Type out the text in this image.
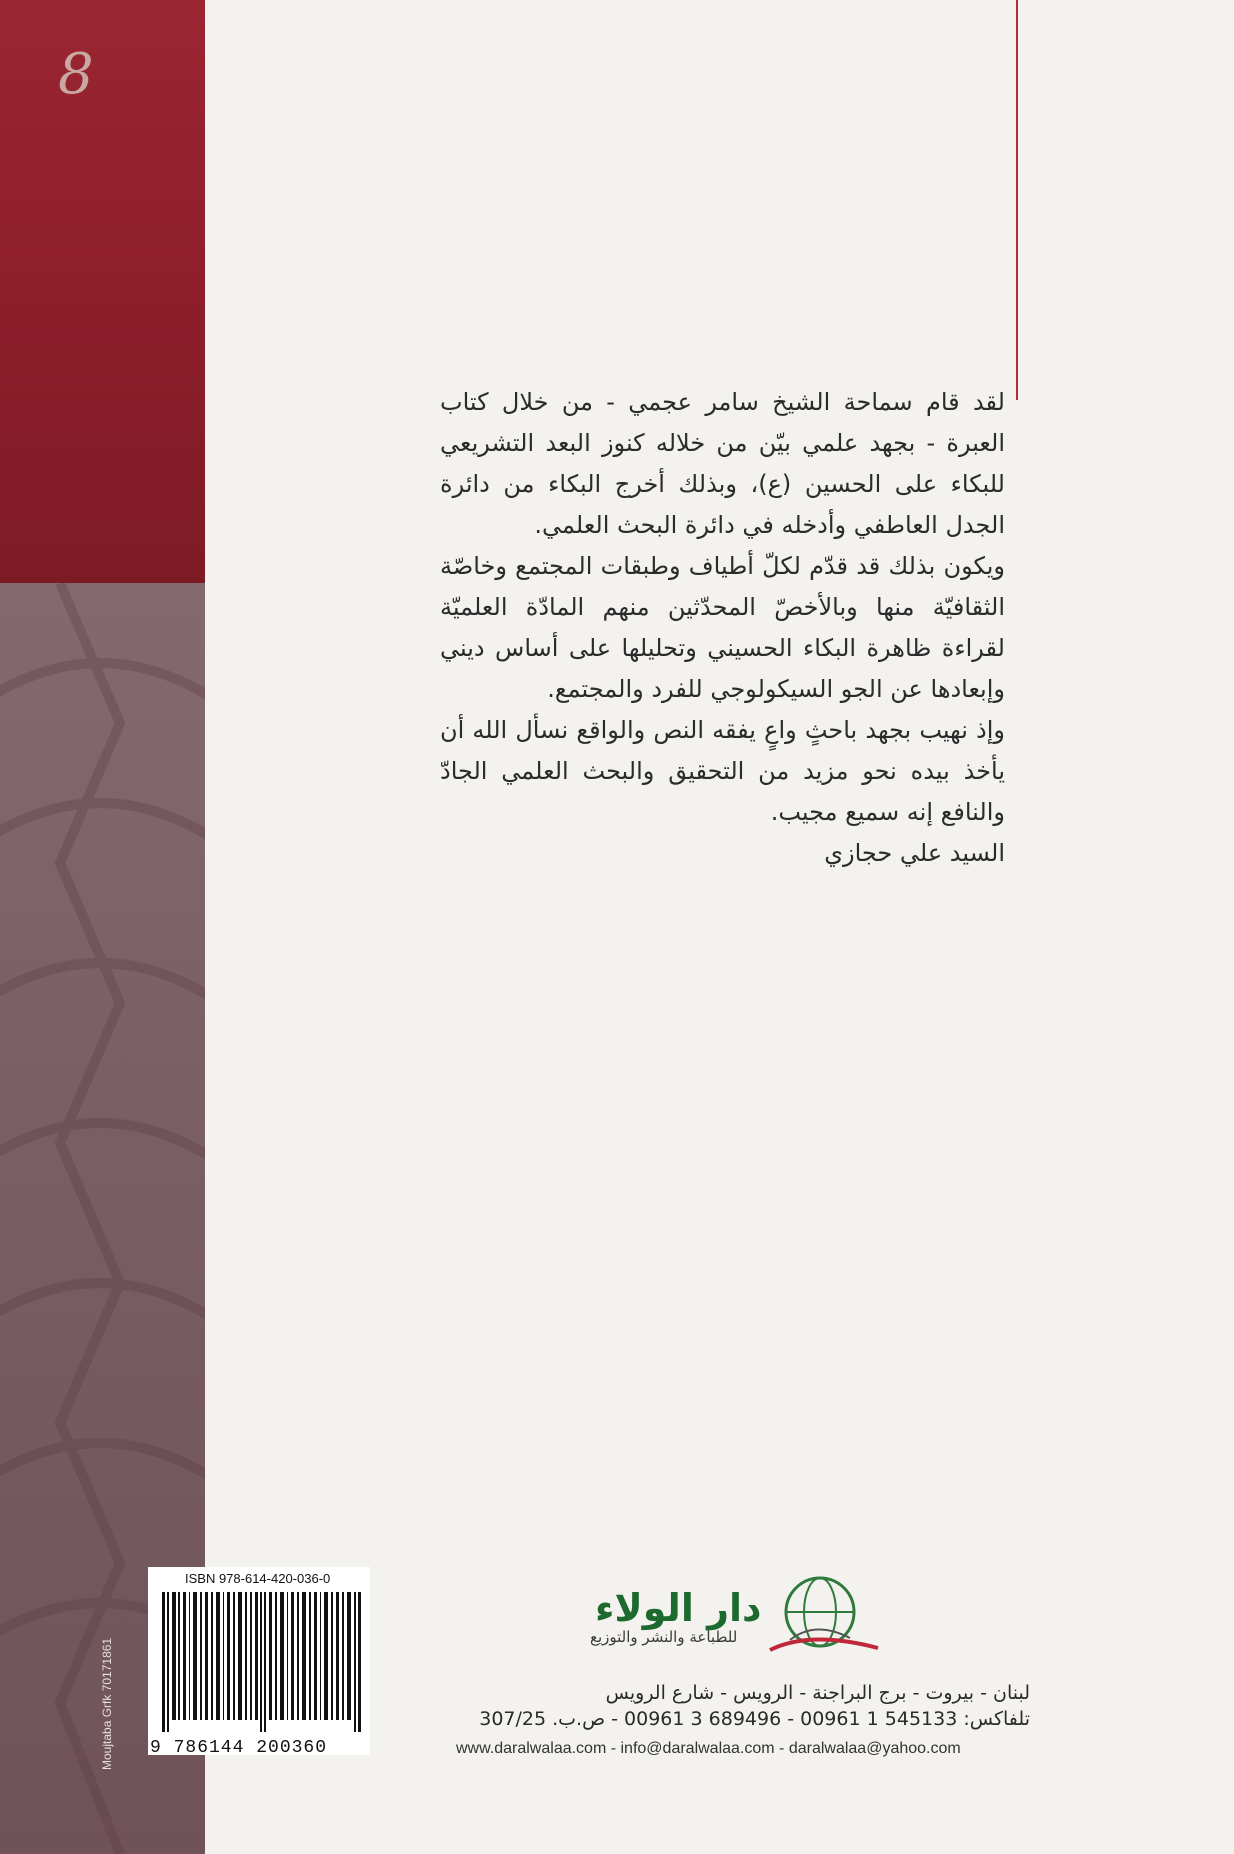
8
Moujtaba Grfk 70171861

لقد قام سماحة الشيخ سامر عجمي - من خلال كتاب العبرة - بجهد علمي بيّن من خلاله كنوز البعد التشريعي للبكاء على الحسين (ع)، وبذلك أخرج البكاء من دائرة الجدل العاطفي وأدخله في دائرة البحث العلمي.

ويكون بذلك قد قدّم لكلّ أطياف وطبقات المجتمع وخاصّة الثقافيّة منها وبالأخصّ المحدّثين منهم المادّة العلميّة لقراءة ظاهرة البكاء الحسيني وتحليلها على أساس ديني وإبعادها عن الجو السيكولوجي للفرد والمجتمع.

وإذ نهيب بجهد باحثٍ واعٍ يفقه النص والواقع نسأل الله أن يأخذ بيده نحو مزيد من التحقيق والبحث العلمي الجادّ والنافع إنه سميع مجيب.

السيد علي حجازي

ISBN 978-614-420-036-0
9 786144 200360
دار الولاء
للطباعة والنشر والتوزيع
لبنان - بيروت - برج البراجنة - الرويس - شارع الرويس
تلفاكس: 545133 1 00961 - 689496 3 00961 - ص.ب. 307/25
www.daralwalaa.com - info@daralwalaa.com - daralwalaa@yahoo.com
